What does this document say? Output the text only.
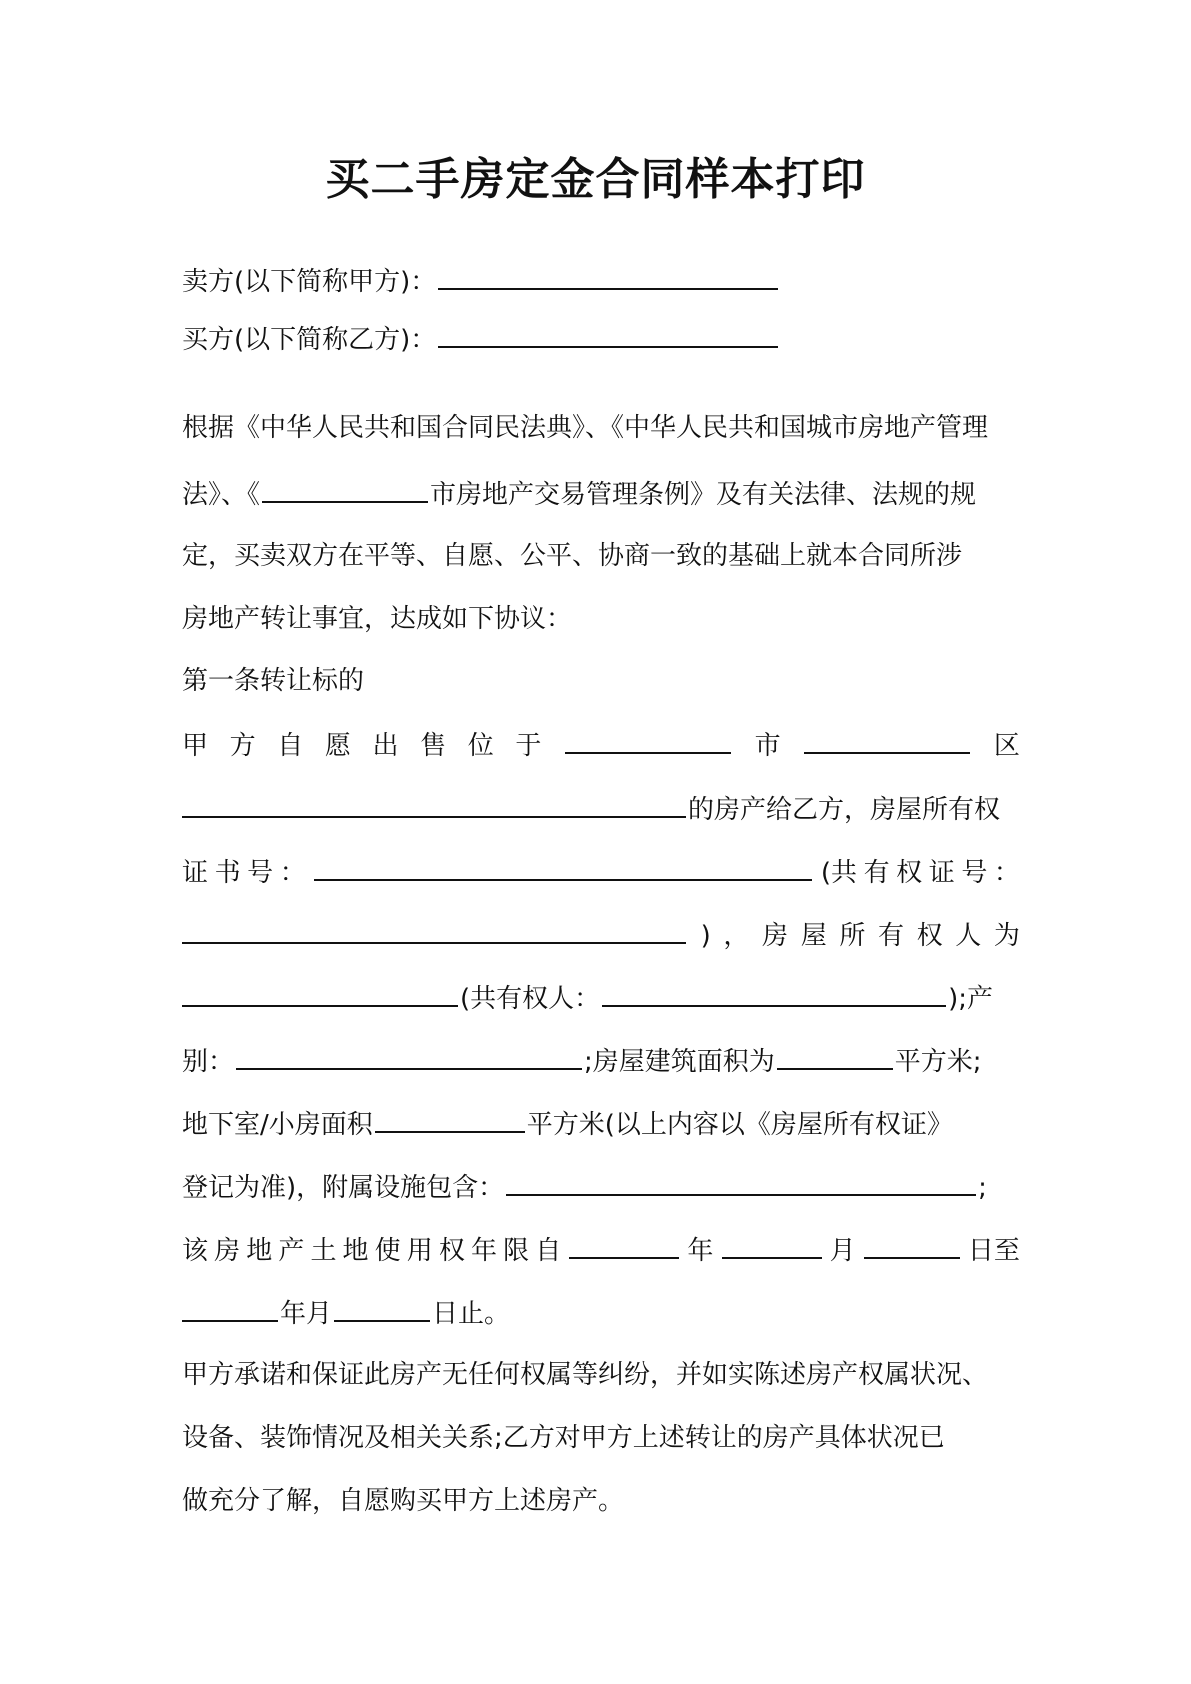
买二手房定金合同样本打印
卖方(以下简称甲方)：
买方(以下简称乙方)：
根据《中华人民共和国合同民法典》、《中华人民共和国城市房地产管理
法》、《	市房地产交易管理条例》及有关法律、法规的规
定，买卖双方在平等、自愿、公平、协商一致的基础上就本合同所涉
房地产转让事宜，达成如下协议：
第一条转让标的
甲 方 自 愿 出 售 位 于	市	区
的房产给乙方，房屋所有权
证 书 号 ：	(共 有 权 证 号 ：
) ， 房 屋 所 有 权 人 为
(共有权人：	);产
别：	;房屋建筑面积为	平方米;
地下室/小房面积	平方米(以上内容以《房屋所有权证》
登记为准)，附属设施包含：	;
该 房 地 产 土 地 使 用 权 年 限 自	年	月	日至
年月	日止。
甲方承诺和保证此房产无任何权属等纠纷，并如实陈述房产权属状况、
设备、装饰情况及相关关系;乙方对甲方上述转让的房产具体状况已
做充分了解，自愿购买甲方上述房产。
